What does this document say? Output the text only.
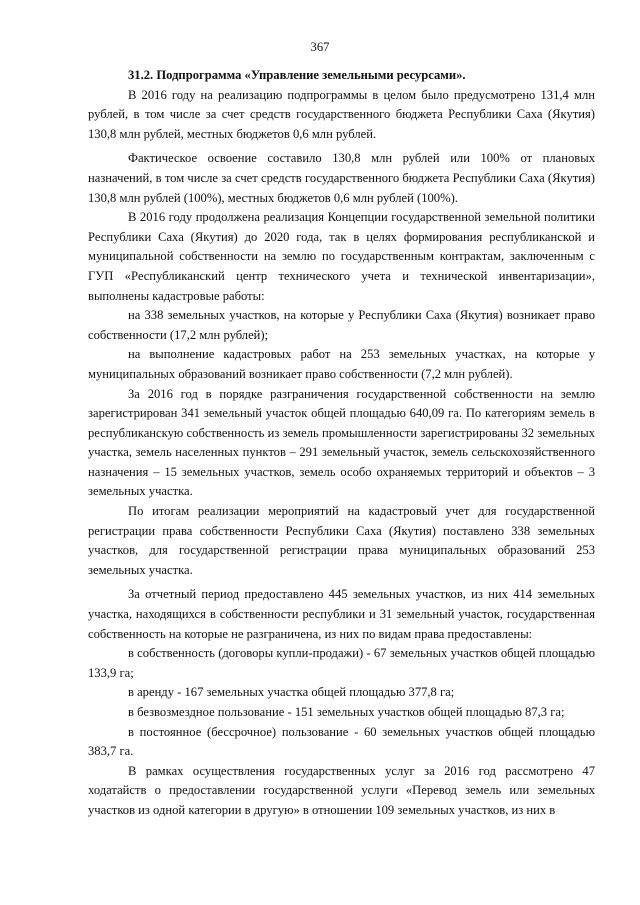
367

31.2. Подпрограмма «Управление земельными ресурсами».

В 2016 году на реализацию подпрограммы в целом было предусмотрено 131,4 млн рублей, в том числе за счет средств государственного бюджета Республики Саха (Якутия) 130,8 млн рублей, местных бюджетов 0,6 млн рублей.

Фактическое освоение составило 130,8 млн рублей или 100% от плановых назначений, в том числе за счет средств государственного бюджета Республики Саха (Якутия) 130,8 млн рублей (100%), местных бюджетов 0,6 млн рублей (100%).

В 2016 году продолжена реализация Концепции государственной земельной политики Республики Саха (Якутия) до 2020 года, так в целях формирования республиканской и муниципальной собственности на землю по государственным контрактам, заключенным с ГУП «Республиканский центр технического учета и технической инвентаризации», выполнены кадастровые работы:

на 338 земельных участков, на которые у Республики Саха (Якутия) возникает право собственности (17,2 млн рублей);

на выполнение кадастровых работ на 253 земельных участках, на которые у муниципальных образований возникает право собственности (7,2 млн рублей).

За 2016 год в порядке разграничения государственной собственности на землю зарегистрирован 341 земельный участок общей площадью 640,09 га. По категориям земель в республиканскую собственность из земель промышленности зарегистрированы 32 земельных участка, земель населенных пунктов – 291 земельный участок, земель сельскохозяйственного назначения – 15 земельных участков, земель особо охраняемых территорий и объектов – 3 земельных участка.

По итогам реализации мероприятий на кадастровый учет для государственной регистрации права собственности Республики Саха (Якутия) поставлено 338 земельных участков, для государственной регистрации права муниципальных образований 253 земельных участка.

За отчетный период предоставлено 445 земельных участков, из них 414 земельных участка, находящихся в собственности республики и 31 земельный участок, государственная собственность на которые не разграничена, из них по видам права предоставлены:

в собственность (договоры купли-продажи) - 67 земельных участков общей площадью 133,9 га;

в аренду - 167 земельных участка общей площадью 377,8 га;

в безвозмездное пользование - 151 земельных участков общей площадью 87,3 га;

в постоянное (бессрочное) пользование - 60 земельных участков общей площадью 383,7 га.

В рамках осуществления государственных услуг за 2016 год рассмотрено 47 ходатайств о предоставлении государственной услуги «Перевод земель или земельных участков из одной категории в другую» в отношении 109 земельных участков, из них в
